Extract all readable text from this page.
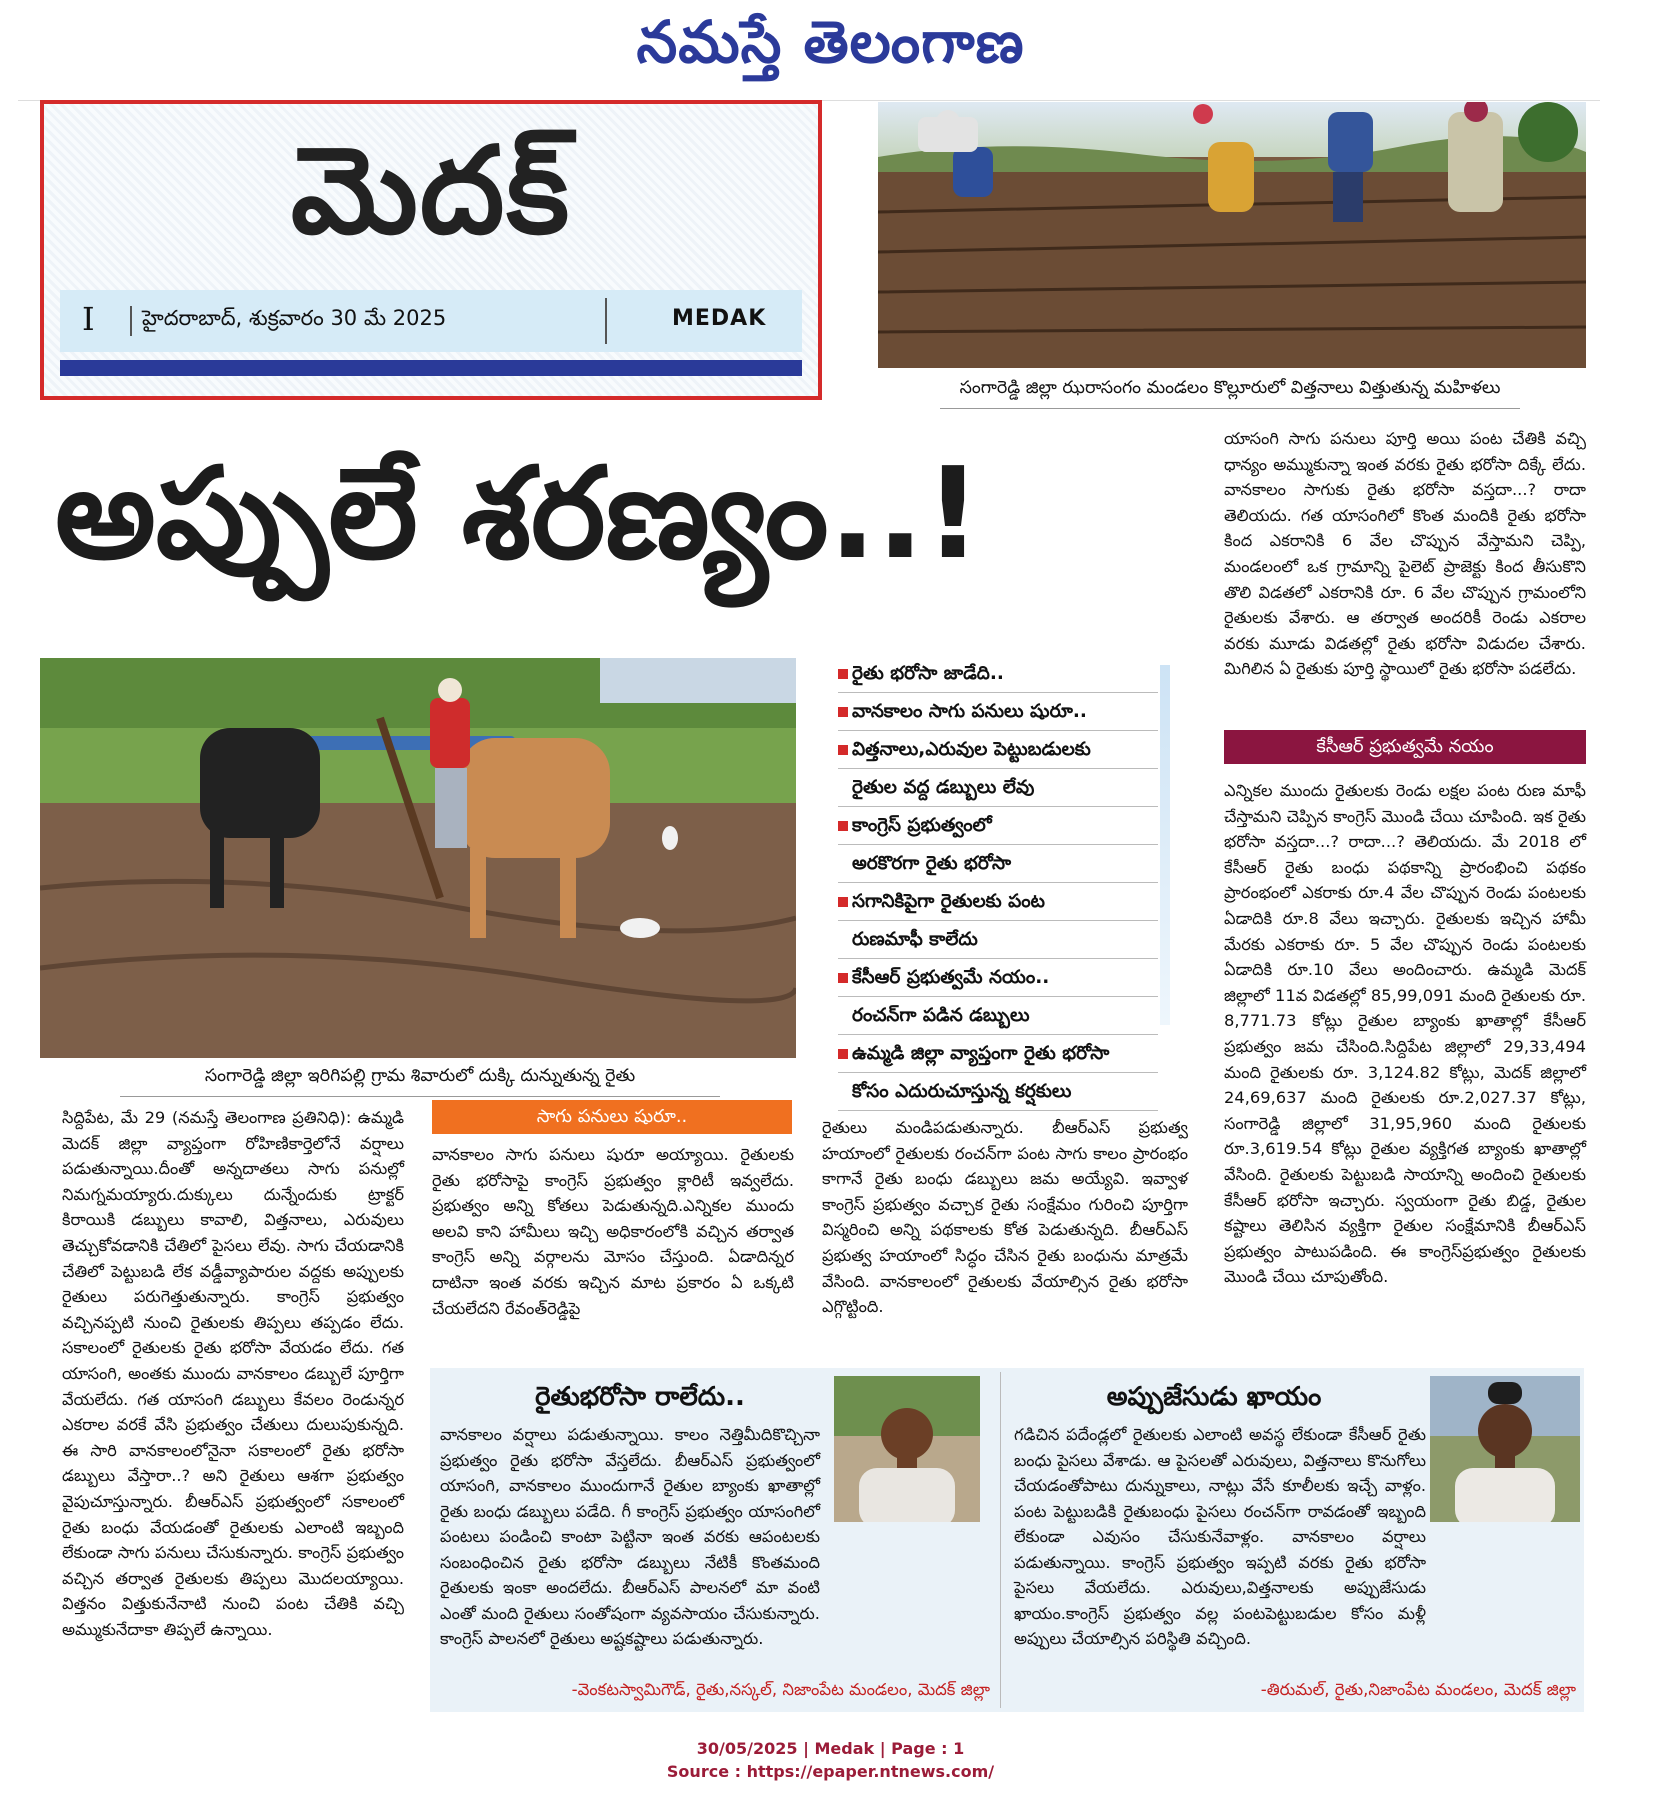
నమస్తే తెలంగాణ
మెదక్
I	హైదరాబాద్, శుక్రవారం 30 మే 2025	MEDAK
సంగారెడ్డి జిల్లా ఝరాసంగం మండలం కొల్లూరులో విత్తనాలు విత్తుతున్న మహిళలు
అప్పులే శరణ్యం..!
సంగారెడ్డి జిల్లా ఇరిగిపల్లి గ్రామ శివారులో దుక్కి దున్నుతున్న రైతు
రైతు భరోసా జాడేది..
వానకాలం సాగు పనులు షురూ..
విత్తనాలు,ఎరువుల పెట్టుబడులకు
రైతుల వద్ద డబ్బులు లేవు
కాంగ్రెస్ ప్రభుత్వంలో
అరకొరగా రైతు భరోసా
సగానికిపైగా రైతులకు పంట
రుణమాఫీ కాలేదు
కేసీఆర్ ప్రభుత్వమే నయం..
రంచన్‌గా పడిన డబ్బులు
ఉమ్మడి జిల్లా వ్యాప్తంగా రైతు భరోసా
కోసం ఎదురుచూస్తున్న కర్షకులు

యాసంగి సాగు పనులు పూర్తి అయి పంట చేతికి వచ్చి ధాన్యం అమ్ముకున్నా ఇంత వరకు రైతు భరోసా దిక్కే లేదు. వానకాలం సాగుకు రైతు భరోసా వస్తదా...? రాదా తెలియదు. గత యాసంగిలో కొంత మందికి రైతు భరోసా కింద ఎకరానికి 6 వేల చొప్పున వేస్తామని చెప్పి, మండలంలో ఒక గ్రామాన్ని పైలెట్ ప్రాజెక్టు కింద తీసుకొని తొలి విడతలో ఎకరానికి రూ. 6 వేల చొప్పున గ్రామంలోని రైతులకు వేశారు. ఆ తర్వాత అందరికీ రెండు ఎకరాల వరకు మూడు విడతల్లో రైతు భరోసా విడుదల చేశారు. మిగిలిన ఏ రైతుకు పూర్తి స్థాయిలో రైతు భరోసా పడలేదు.

కేసీఆర్ ప్రభుత్వమే నయం

ఎన్నికల ముందు రైతులకు రెండు లక్షల పంట రుణ మాఫీ చేస్తామని చెప్పిన కాంగ్రెస్ మొండి చేయి చూపింది. ఇక రైతు భరోసా వస్తదా...? రాదా...? తెలియదు. మే 2018 లో కేసీఆర్ రైతు బంధు పథకాన్ని ప్రారంభించి పథకం ప్రారంభంలో ఎకరాకు రూ.4 వేల చొప్పున రెండు పంటలకు ఏడాదికి రూ.8 వేలు ఇచ్చారు. రైతులకు ఇచ్చిన హామీ మేరకు ఎకరాకు రూ. 5 వేల చొప్పున రెండు పంటలకు ఏడాదికి రూ.10 వేలు అందించారు. ఉమ్మడి మెదక్ జిల్లాలో 11వ విడతల్లో 85,99,091 మంది రైతులకు రూ. 8,771.73 కోట్లు రైతుల బ్యాంకు ఖాతాల్లో కేసీఆర్ ప్రభుత్వం జమ చేసింది.సిద్దిపేట జిల్లాలో 29,33,494 మంది రైతులకు రూ. 3,124.82 కోట్లు, మెదక్ జిల్లాలో 24,69,637 మంది రైతులకు రూ.2,027.37 కోట్లు, సంగారెడ్డి జిల్లాలో 31,95,960 మంది రైతులకు రూ.3,619.54 కోట్లు రైతుల వ్యక్తిగత బ్యాంకు ఖాతాల్లో వేసింది. రైతులకు పెట్టుబడి సాయాన్ని అందించి రైతులకు కేసీఆర్ భరోసా ఇచ్చారు. స్వయంగా రైతు బిడ్డ, రైతుల కష్టాలు తెలిసిన వ్యక్తిగా రైతుల సంక్షేమానికి బీఆర్ఎస్ ప్రభుత్వం పాటుపడింది. ఈ కాంగ్రెస్‌ప్రభుత్వం రైతులకు మొండి చేయి చూపుతోంది.

సిద్దిపేట, మే 29 (నమస్తే తెలంగాణ ప్రతినిధి): ఉమ్మడి మెదక్ జిల్లా వ్యాప్తంగా రోహిణికార్తెలోనే వర్షాలు పడుతున్నాయి.దీంతో అన్నదాతలు సాగు పనుల్లో నిమగ్నమయ్యారు.దుక్కులు దున్నేందుకు ట్రాక్టర్ కిరాయికి డబ్బులు కావాలి, విత్తనాలు, ఎరువులు తెచ్చుకోవడానికి చేతిలో పైసలు లేవు. సాగు చేయడానికి చేతిలో పెట్టుబడి లేక వడ్డీవ్యాపారుల వద్దకు అప్పులకు రైతులు పరుగెత్తుతున్నారు. కాంగ్రెస్ ప్రభుత్వం వచ్చినప్పటి నుంచి రైతులకు తిప్పలు తప్పడం లేదు. సకాలంలో రైతులకు రైతు భరోసా వేయడం లేదు. గత యాసంగి, అంతకు ముందు వానకాలం డబ్బులే పూర్తిగా వేయలేదు. గత యాసంగి డబ్బులు కేవలం రెండున్నర ఎకరాల వరకే వేసి ప్రభుత్వం చేతులు దులుపుకున్నది. ఈ సారి వానకాలంలోనైనా సకాలంలో రైతు భరోసా డబ్బులు వేస్తారా..? అని రైతులు ఆశగా ప్రభుత్వం వైపుచూస్తున్నారు. బీఆర్ఎస్ ప్రభుత్వంలో సకాలంలో రైతు బంధు వేయడంతో రైతులకు ఎలాంటి ఇబ్బంది లేకుండా సాగు పనులు చేసుకున్నారు. కాంగ్రెస్ ప్రభుత్వం వచ్చిన తర్వాత రైతులకు తిప్పలు మొదలయ్యాయి. విత్తనం విత్తుకునేనాటి నుంచి పంట చేతికి వచ్చి అమ్ముకునేదాకా తిప్పలే ఉన్నాయి.

సాగు పనులు షురూ..

వానకాలం సాగు పనులు షురూ అయ్యాయి. రైతులకు రైతు భరోసాపై కాంగ్రెస్ ప్రభుత్వం క్లారిటీ ఇవ్వలేదు. ప్రభుత్వం అన్ని కోతలు పెడుతున్నది.ఎన్నికల ముందు అలవి కాని హామీలు ఇచ్చి అధికారంలోకి వచ్చిన తర్వాత కాంగ్రెస్ అన్ని వర్గాలను మోసం చేస్తుంది. ఏడాదిన్నర దాటినా ఇంత వరకు ఇచ్చిన మాట ప్రకారం ఏ ఒక్కటి చేయలేదని రేవంత్‌రెడ్డిపై

రైతులు మండిపడుతున్నారు. బీఆర్ఎస్ ప్రభుత్వ హయాంలో రైతులకు రంచన్‌గా పంట సాగు కాలం ప్రారంభం కాగానే రైతు బంధు డబ్బులు జమ అయ్యేవి. ఇవ్వాళ కాంగ్రెస్ ప్రభుత్వం వచ్చాక రైతు సంక్షేమం గురించి పూర్తిగా విస్మరించి అన్ని పథకాలకు కోత పెడుతున్నది. బీఆర్ఎస్ ప్రభుత్వ హయాంలో సిద్ధం చేసిన రైతు బంధును మాత్రమే వేసింది. వానకాలంలో రైతులకు వేయాల్సిన రైతు భరోసా ఎగ్గొట్టింది.

రైతుభరోసా రాలేదు..
వానకాలం వర్షాలు పడుతున్నాయి. కాలం నెత్తిమీదికొచ్చినా ప్రభుత్వం రైతు భరోసా వేస్తలేదు. బీఆర్ఎస్ ప్రభుత్వంలో యాసంగి, వానకాలం ముందుగానే రైతుల బ్యాంకు ఖాతాల్లో రైతు బంధు డబ్బులు పడేది. గీ కాంగ్రెస్ ప్రభుత్వం యాసంగిలో పంటలు పండించి కాంటా పెట్టినా ఇంత వరకు ఆపంటలకు సంబంధించిన రైతు భరోసా డబ్బులు నేటికీ కొంతమంది రైతులకు ఇంకా అందలేదు. బీఆర్ఎస్ పాలనలో మా వంటి ఎంతో మంది రైతులు సంతోషంగా వ్యవసాయం చేసుకున్నారు. కాంగ్రెస్ పాలనలో రైతులు అష్టకష్టాలు పడుతున్నారు.
-వెంకటస్వామిగౌడ్, రైతు,నస్కల్, నిజాంపేట మండలం, మెదక్ జిల్లా
అప్పుజేసుడు ఖాయం
గడిచిన పదేండ్లలో రైతులకు ఎలాంటి అవస్థ లేకుండా కేసీఆర్ రైతు బంధు పైసలు వేశాడు. ఆ పైసలతో ఎరువులు, విత్తనాలు కొనుగోలు చేయడంతోపాటు దున్నుకాలు, నాట్లు వేసే కూలీలకు ఇచ్చే వాళ్లం. పంట పెట్టుబడికి రైతుబంధు పైసలు రంచన్‌గా రావడంతో ఇబ్బంది లేకుండా ఎవుసం చేసుకునేవాళ్లం. వానకాలం వర్షాలు పడుతున్నాయి. కాంగ్రెస్ ప్రభుత్వం ఇప్పటి వరకు రైతు భరోసా పైసలు వేయలేదు. ఎరువులు,విత్తనాలకు అప్పుజేసుడు ఖాయం.కాంగ్రెస్ ప్రభుత్వం వల్ల పంటపెట్టుబడుల కోసం మళ్లీ అప్పులు చేయాల్సిన పరిస్థితి వచ్చింది.
-తిరుమల్, రైతు,నిజాంపేట మండలం, మెదక్ జిల్లా
30/05/2025 | Medak | Page : 1
Source : https://epaper.ntnews.com/
